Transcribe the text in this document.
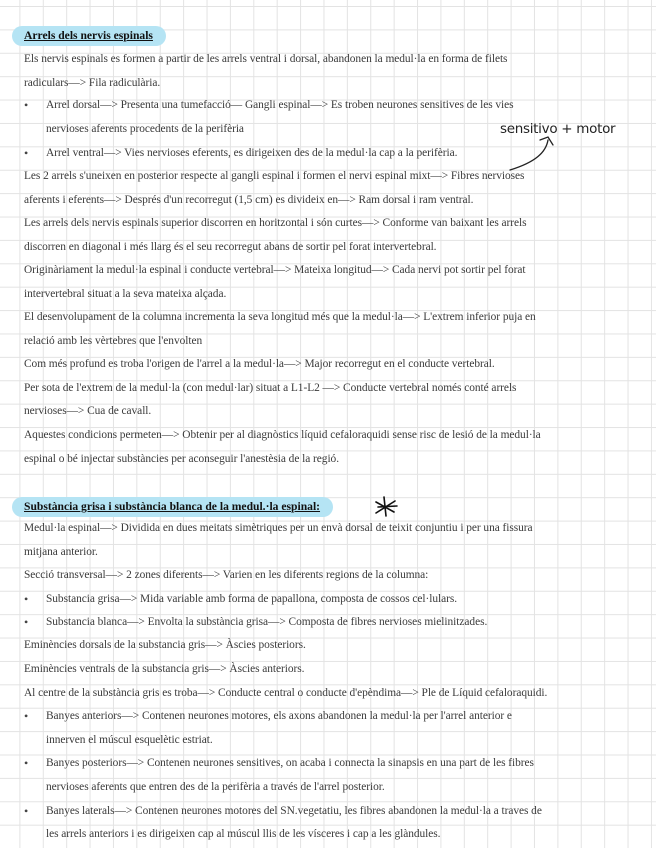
Arrels dels nervis espinals
Els nervis espinals es formen a partir de les arrels ventral i dorsal, abandonen la medul·la en forma de filets
radiculars—> Fila radiculària.
• Arrel dorsal—> Presenta una tumefacció— Gangli espinal—> Es troben neurones sensitives de les vies
nervioses aferents procedents de la perifèria
• Arrel ventral—> Vies nervioses eferents, es dirigeixen des de la medul·la cap a la perifèria.
Les 2 arrels s'uneixen en posterior respecte al gangli espinal i formen el nervi espinal mixt—> Fibres nervioses
aferents i eferents—> Després d'un recorregut (1,5 cm) es divideix en—> Ram dorsal i ram ventral.
Les arrels dels nervis espinals superior discorren en horitzontal i són curtes—> Conforme van baixant les arrels
discorren en diagonal i més llarg és el seu recorregut abans de sortir pel forat intervertebral.
Originàriament la medul·la espinal i conducte vertebral—> Mateixa longitud—> Cada nervi pot sortir pel forat
intervertebral situat a la seva mateixa alçada.
El desenvolupament de la columna incrementa la seva longitud més que la medul·la—> L'extrem inferior puja en
relació amb les vèrtebres que l'envolten
Com més profund es troba l'origen de l'arrel a la medul·la—> Major recorregut en el conducte vertebral.
Per sota de l'extrem de la medul·la (con medul·lar) situat a L1-L2 —> Conducte vertebral només conté arrels
nervioses—> Cua de cavall.
Aquestes condicions permeten—> Obtenir per al diagnòstics líquid cefaloraquidi sense risc de lesió de la medul·la
espinal o bé injectar substàncies per aconseguir l'anestèsia de la regió.
Substància grisa i substància blanca de la medul.·la espinal:
Medul·la espinal—> Dividida en dues meitats simètriques per un envà dorsal de teixit conjuntiu i per una fissura
mitjana anterior.
Secció transversal—> 2 zones diferents—> Varien en les diferents regions de la columna:
• Substancia grisa—> Mida variable amb forma de papallona, composta de cossos cel·lulars.
• Substancia blanca—> Envolta la substància grisa—> Composta de fibres nervioses mielinitzades.
Eminències dorsals de la substancia gris—> Àscies posteriors.
Eminències ventrals de la substancia gris—> Àscies anteriors.
Al centre de la substància gris es troba—> Conducte central o conducte d'epèndima—> Ple de Líquid cefaloraquidi.
• Banyes anteriors—> Contenen neurones motores, els axons abandonen la medul·la per l'arrel anterior e
innerven el múscul esquelètic estriat.
• Banyes posteriors—> Contenen neurones sensitives, on acaba i connecta la sinapsis en una part de les fibres
nervioses aferents que entren des de la perifèria a través de l'arrel posterior.
• Banyes laterals—> Contenen neurones motores del SN.vegetatiu, les fibres abandonen la medul·la a traves de
les arrels anteriors i es dirigeixen cap al múscul llis de les vísceres i cap a les glàndules.
sensitivo + motor
